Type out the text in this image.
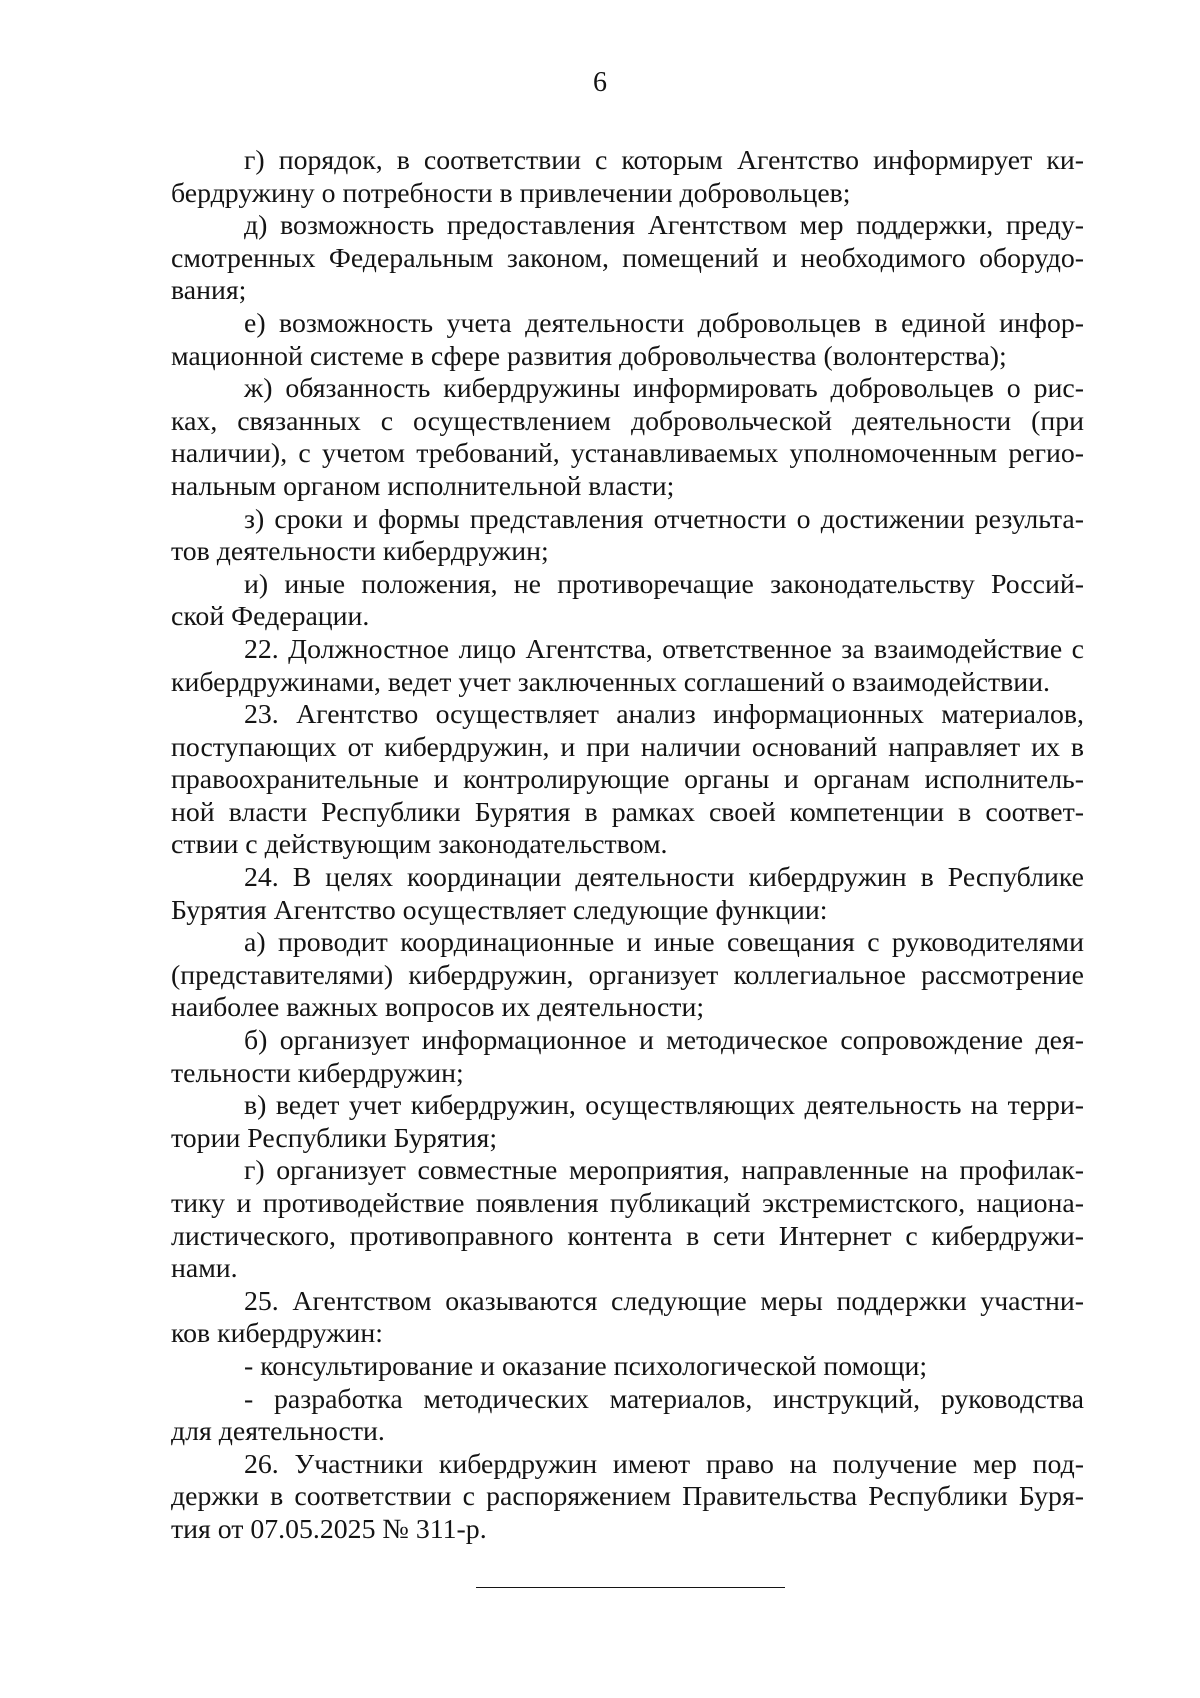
6
г) порядок, в соответствии с которым Агентство информирует ки-
бердружину о потребности в привлечении добровольцев;
д) возможность предоставления Агентством мер поддержки, преду-
смотренных Федеральным законом, помещений и необходимого оборудо-
вания;
е) возможность учета деятельности добровольцев в единой инфор-
мационной системе в сфере развития добровольчества (волонтерства);
ж) обязанность кибердружины информировать добровольцев о рис-
ках, связанных с осуществлением добровольческой деятельности (при
наличии), с учетом требований, устанавливаемых уполномоченным регио-
нальным органом исполнительной власти;
з) сроки и формы представления отчетности о достижении результа-
тов деятельности кибердружин;
и) иные положения, не противоречащие законодательству Россий-
ской Федерации.
22. Должностное лицо Агентства, ответственное за взаимодействие с
кибердружинами, ведет учет заключенных соглашений о взаимодействии.
23. Агентство осуществляет анализ информационных материалов,
поступающих от кибердружин, и при наличии оснований направляет их в
правоохранительные и контролирующие органы и органам исполнитель-
ной власти Республики Бурятия в рамках своей компетенции в соответ-
ствии с действующим законодательством.
24. В целях координации деятельности кибердружин в Республике
Бурятия Агентство осуществляет следующие функции:
а) проводит координационные и иные совещания с руководителями
(представителями) кибердружин, организует коллегиальное рассмотрение
наиболее важных вопросов их деятельности;
б) организует информационное и методическое сопровождение дея-
тельности кибердружин;
в) ведет учет кибердружин, осуществляющих деятельность на терри-
тории Республики Бурятия;
г) организует совместные мероприятия, направленные на профилак-
тику и противодействие появления публикаций экстремистского, национа-
листического, противоправного контента в сети Интернет с кибердружи-
нами.
25. Агентством оказываются следующие меры поддержки участни-
ков кибердружин:
- консультирование и оказание психологической помощи;
- разработка методических материалов, инструкций, руководства
для деятельности.
26. Участники кибердружин имеют право на получение мер под-
держки в соответствии с распоряжением Правительства Республики Буря-
тия от 07.05.2025 № 311-р.
